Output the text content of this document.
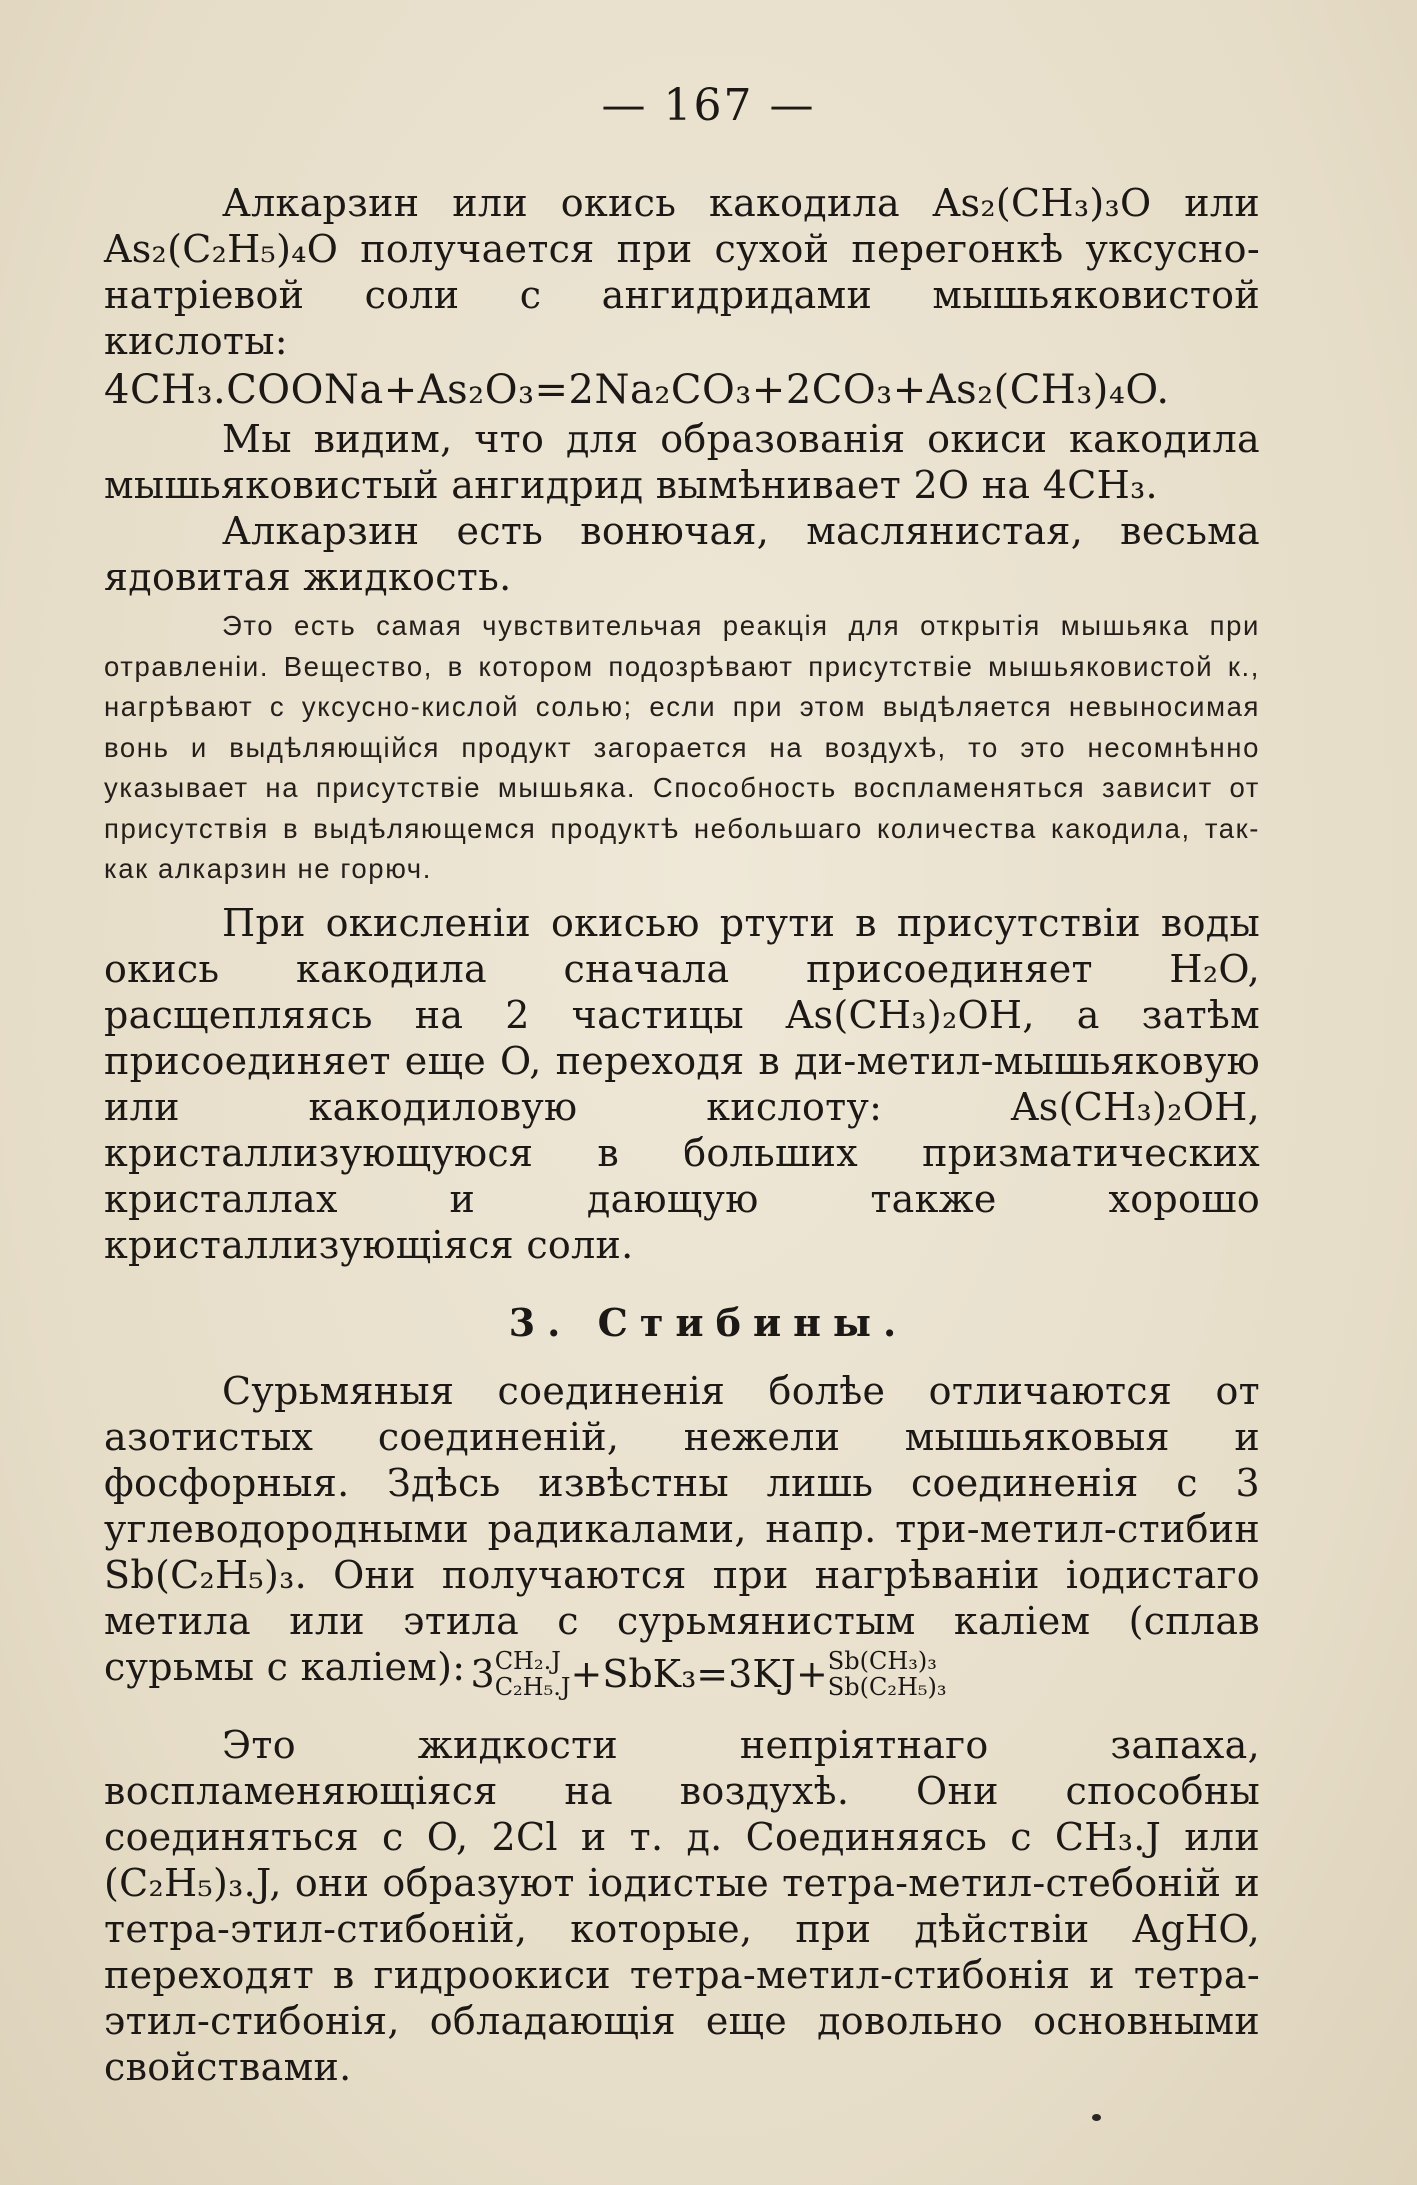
— 167 —

Алкарзин или окись какодила As₂(CH₃)₃O или As₂(C₂H₅)₄O получается при сухой перегонкѣ уксусно-натріевой соли с ангидридами мышьяковистой кислоты:

4CH₃.COONa+As₂O₃=2Na₂CO₃+2CO₃+As₂(CH₃)₄O.

Мы видим, что для образованія окиси какодила мышьяковистый ангидрид вымѣнивает 2O на 4CH₃.

Алкарзин есть вонючая, маслянистая, весьма ядовитая жидкость.

Это есть самая чувствительчая реакція для открытія мышьяка при отравленіи. Вещество, в котором подозрѣвают присутствіе мышьяковистой к., нагрѣвают с уксусно-кислой солью; если при этом выдѣляется невыносимая вонь и выдѣляющійся продукт загорается на воздухѣ, то это несомнѣнно указывает на присутствіе мышьяка. Способность воспламеняться зависит от присутствія в выдѣляющемся продуктѣ небольшаго количества какодила, так-как алкарзин не горюч.

При окисленіи окисью ртути в присутствіи воды окись какодила сначала присоединяет H₂O, расщепляясь на 2 частицы As(CH₃)₂OH, а затѣм присоединяет еще O, переходя в ди-метил-мышьяковую или какодиловую кислоту: As(CH₃)₂OH, кристаллизующуюся в больших призматических кристаллах и дающую также хорошо кристаллизующіяся соли.

3. Стибины.

Сурьмяныя соединенія болѣе отличаются от азотистых соединеній, нежели мышьяковыя и фосфорныя. Здѣсь извѣстны лишь соединенія с 3 углеводородными радикалами, напр. три-метил-стибин Sb(C₂H₅)₃. Они получаются при нагрѣваніи іодистаго метила или этила с сурьмянистым каліем (сплав сурьмы с каліем): 3CH₂.J
C₂H₅.J+SbK₃=3KJ+Sb(CH₃)₃
Sb(C₂H₅)₃

Это жидкости непріятнаго запаха, воспламеняющіяся на воздухѣ. Они способны соединяться с O, 2Cl и т. д. Соединяясь с CH₃.J или (C₂H₅)₃.J, они образуют іодистые тетра-метил-стебоній и тетра-этил-стибоній, которые, при дѣйствіи AgHO, переходят в гидроокиси тетра-метил-стибонія и тетра-этил-стибонія, обладающія еще довольно основными свойствами.
